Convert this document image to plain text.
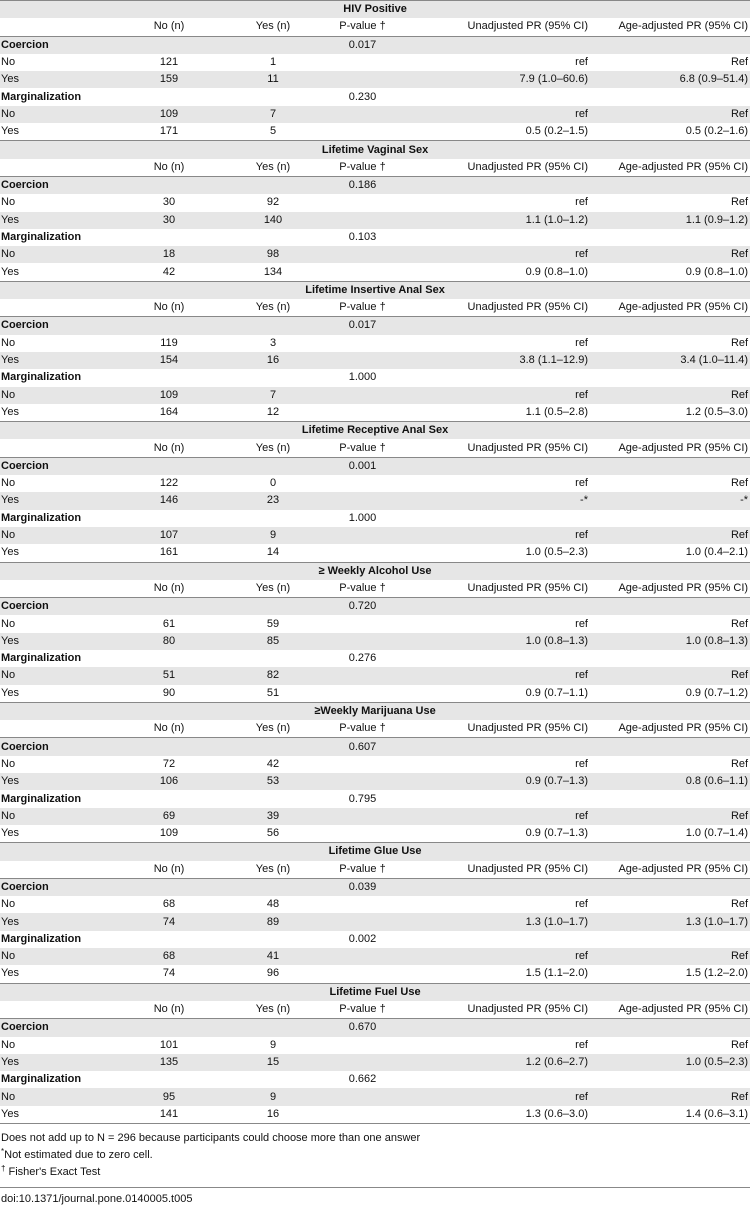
HIV Positive					
	No (n)	Yes (n)	P-value †	Unadjusted PR (95% CI)	Age-adjusted PR (95% CI)
Coercion			0.017		
No	121	1		ref	Ref
Yes	159	11		7.9 (1.0–60.6)	6.8 (0.9–51.4)
Marginalization			0.230		
No	109	7		ref	Ref
Yes	171	5		0.5 (0.2–1.5)	0.5 (0.2–1.6)
Lifetime Vaginal Sex					
	No (n)	Yes (n)	P-value †	Unadjusted PR (95% CI)	Age-adjusted PR (95% CI)
Coercion			0.186		
No	30	92		ref	Ref
Yes	30	140		1.1 (1.0–1.2)	1.1 (0.9–1.2)
Marginalization			0.103		
No	18	98		ref	Ref
Yes	42	134		0.9 (0.8–1.0)	0.9 (0.8–1.0)
Lifetime Insertive Anal Sex					
	No (n)	Yes (n)	P-value †	Unadjusted PR (95% CI)	Age-adjusted PR (95% CI)
Coercion			0.017		
No	119	3		ref	Ref
Yes	154	16		3.8 (1.1–12.9)	3.4 (1.0–11.4)
Marginalization			1.000		
No	109	7		ref	Ref
Yes	164	12		1.1 (0.5–2.8)	1.2 (0.5–3.0)
Lifetime Receptive Anal Sex					
	No (n)	Yes (n)	P-value †	Unadjusted PR (95% CI)	Age-adjusted PR (95% CI)
Coercion			0.001		
No	122	0		ref	Ref
Yes	146	23		-*	-*
Marginalization			1.000		
No	107	9		ref	Ref
Yes	161	14		1.0 (0.5–2.3)	1.0 (0.4–2.1)
≥ Weekly Alcohol Use					
	No (n)	Yes (n)	P-value †	Unadjusted PR (95% CI)	Age-adjusted PR (95% CI)
Coercion			0.720		
No	61	59		ref	Ref
Yes	80	85		1.0 (0.8–1.3)	1.0 (0.8–1.3)
Marginalization			0.276		
No	51	82		ref	Ref
Yes	90	51		0.9 (0.7–1.1)	0.9 (0.7–1.2)
≥Weekly Marijuana Use					
	No (n)	Yes (n)	P-value †	Unadjusted PR (95% CI)	Age-adjusted PR (95% CI)
Coercion			0.607		
No	72	42		ref	Ref
Yes	106	53		0.9 (0.7–1.3)	0.8 (0.6–1.1)
Marginalization			0.795		
No	69	39		ref	Ref
Yes	109	56		0.9 (0.7–1.3)	1.0 (0.7–1.4)
Lifetime Glue Use					
	No (n)	Yes (n)	P-value †	Unadjusted PR (95% CI)	Age-adjusted PR (95% CI)
Coercion			0.039		
No	68	48		ref	Ref
Yes	74	89		1.3 (1.0–1.7)	1.3 (1.0–1.7)
Marginalization			0.002		
No	68	41		ref	Ref
Yes	74	96		1.5 (1.1–2.0)	1.5 (1.2–2.0)
Lifetime Fuel Use					
	No (n)	Yes (n)	P-value †	Unadjusted PR (95% CI)	Age-adjusted PR (95% CI)
Coercion			0.670		
No	101	9		ref	Ref
Yes	135	15		1.2 (0.6–2.7)	1.0 (0.5–2.3)
Marginalization			0.662		
No	95	9		ref	Ref
Yes	141	16		1.3 (0.6–3.0)	1.4 (0.6–3.1)
Does not add up to N = 296 because participants could choose more than one answer
*Not estimated due to zero cell.
† Fisher's Exact Test
doi:10.1371/journal.pone.0140005.t005
